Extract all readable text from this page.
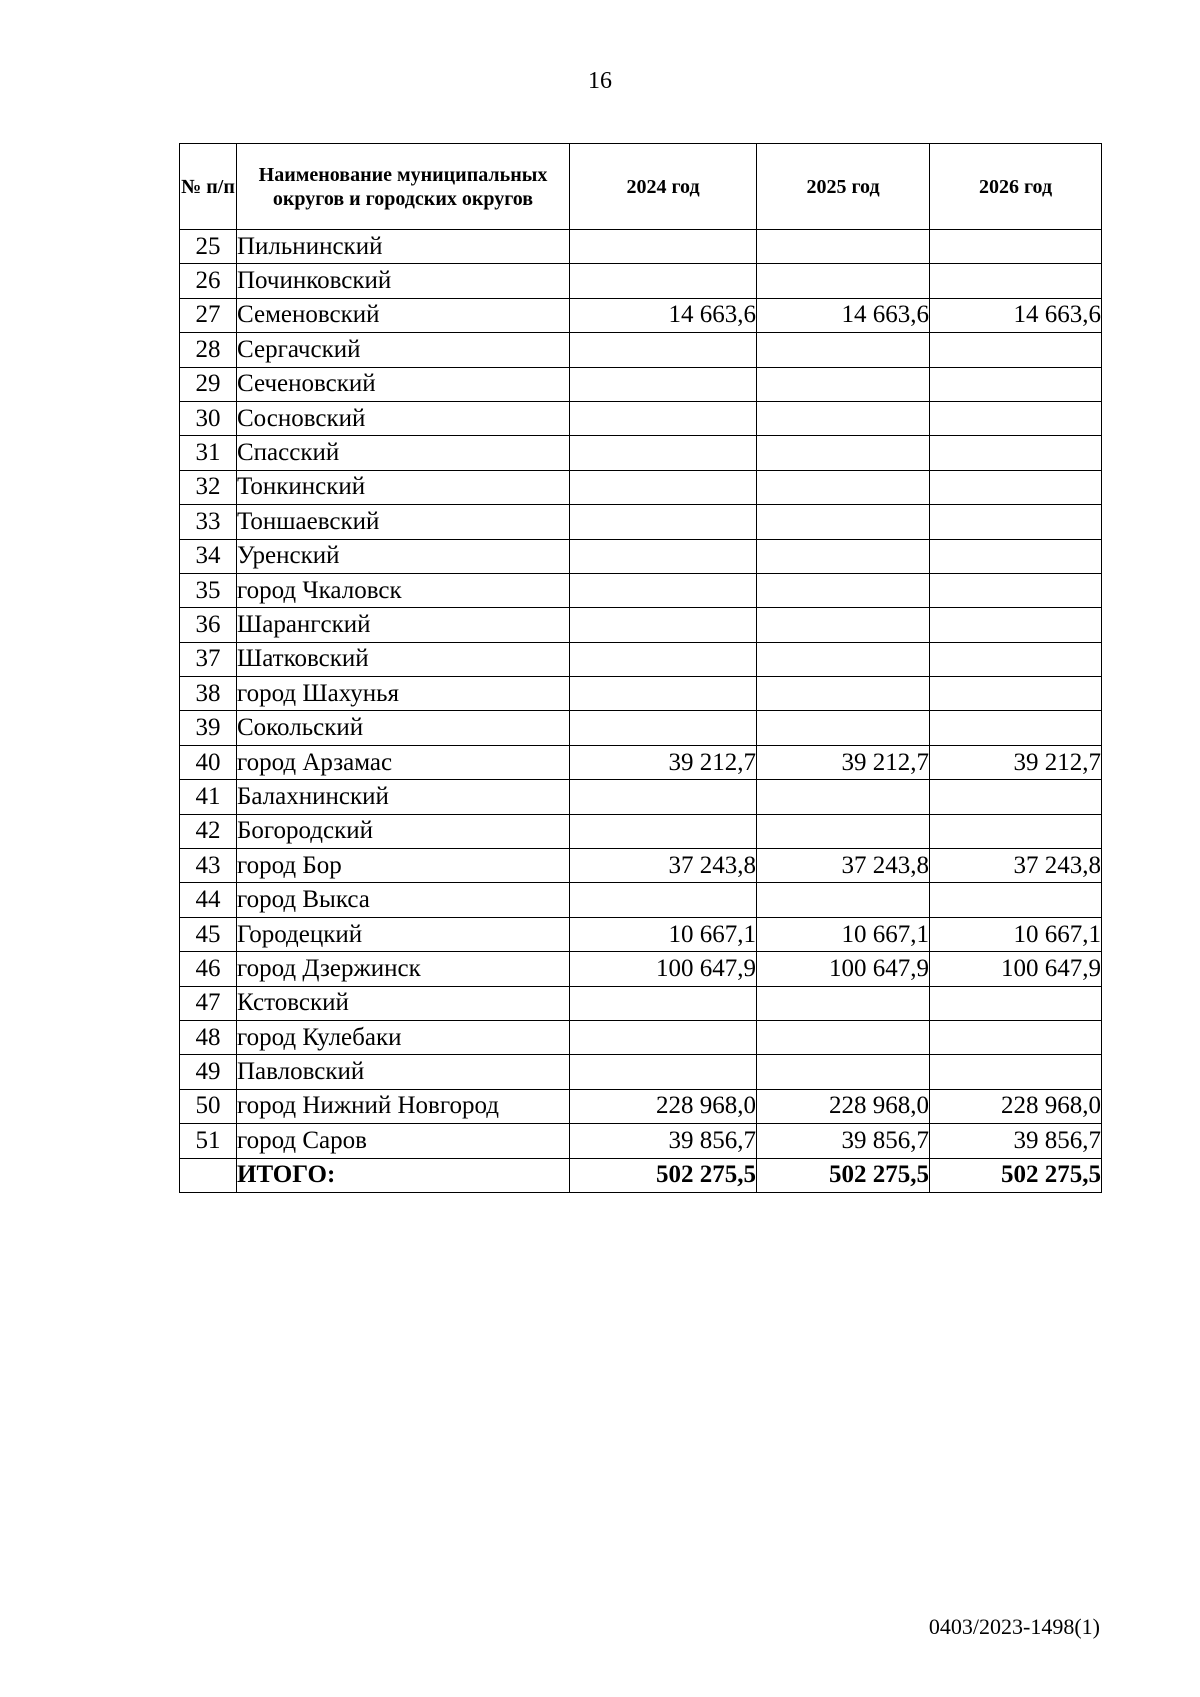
16
№ п/п	Наименование муниципальных округов и городских округов	2024 год	2025 год	2026 год
25	Пильнинский			
26	Починковский			
27	Семеновский	14 663,6	14 663,6	14 663,6
28	Сергачский			
29	Сеченовский			
30	Сосновский			
31	Спасский			
32	Тонкинский			
33	Тоншаевский			
34	Уренский			
35	город Чкаловск			
36	Шарангский			
37	Шатковский			
38	город Шахунья			
39	Сокольский			
40	город Арзамас	39 212,7	39 212,7	39 212,7
41	Балахнинский			
42	Богородский			
43	город Бор	37 243,8	37 243,8	37 243,8
44	город Выкса			
45	Городецкий	10 667,1	10 667,1	10 667,1
46	город Дзержинск	100 647,9	100 647,9	100 647,9
47	Кстовский			
48	город Кулебаки			
49	Павловский			
50	город Нижний Новгород	228 968,0	228 968,0	228 968,0
51	город Саров	39 856,7	39 856,7	39 856,7
	ИТОГО:	502 275,5	502 275,5	502 275,5
0403/2023-1498(1)
